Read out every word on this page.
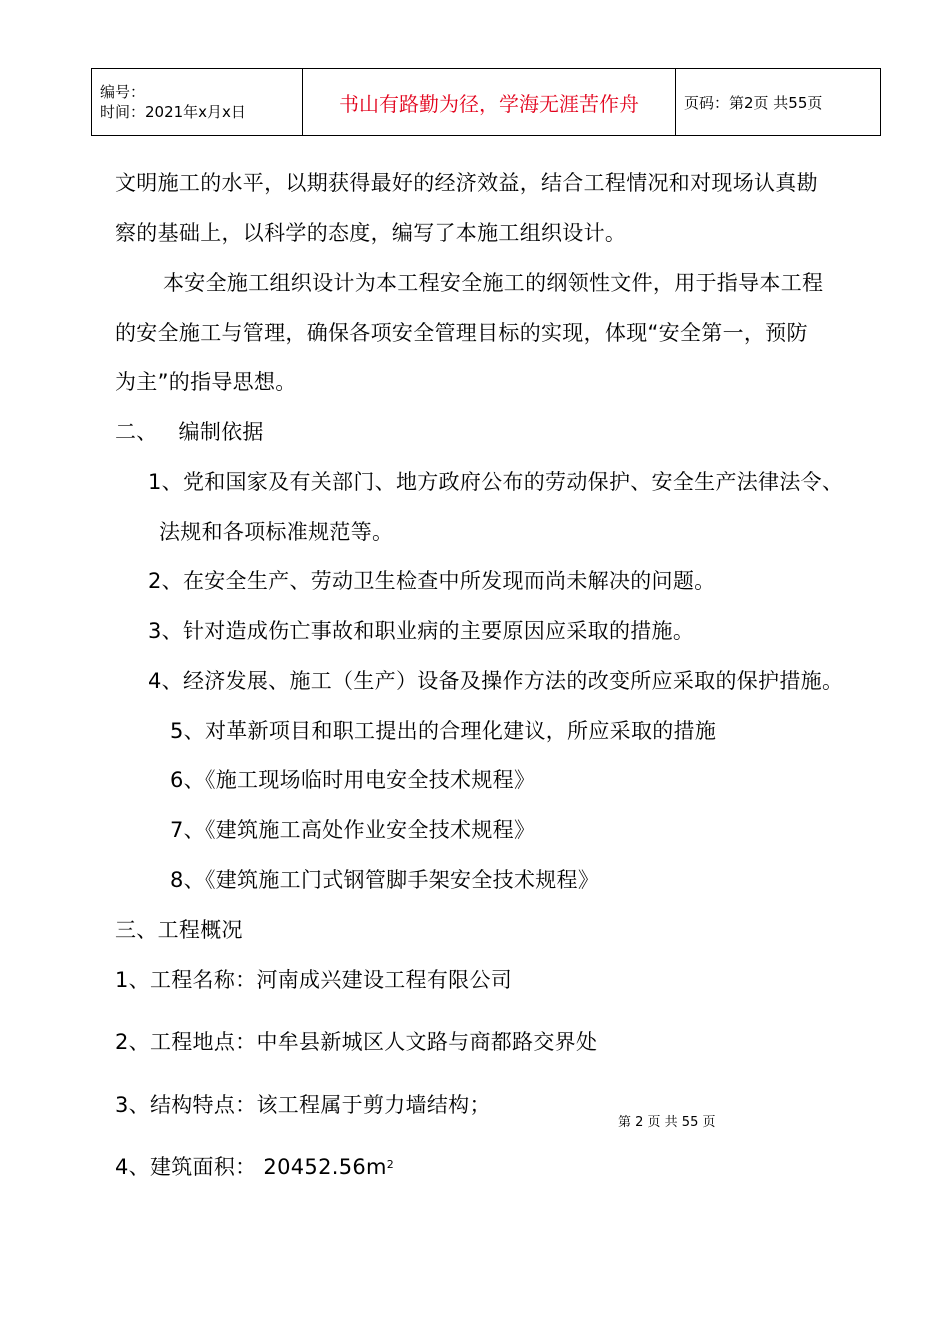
编号：
时间：2021年x月x日	书山有路勤为径，学海无涯苦作舟	页码：第2页 共55页
文明施工的水平，以期获得最好的经济效益，结合工程情况和对现场认真勘
察的基础上，以科学的态度，编写了本施工组织设计。
本安全施工组织设计为本工程安全施工的纲领性文件，用于指导本工程
的安全施工与管理，确保各项安全管理目标的实现，体现“安全第一，预防
为主”的指导思想。
二、   编制依据
1、党和国家及有关部门、地方政府公布的劳动保护、安全生产法律法令、
法规和各项标准规范等。
2、在安全生产、劳动卫生检查中所发现而尚未解决的问题。
3、针对造成伤亡事故和职业病的主要原因应采取的措施。
4、经济发展、施工（生产）设备及操作方法的改变所应采取的保护措施。
5、对革新项目和职工提出的合理化建议，所应采取的措施
6、《施工现场临时用电安全技术规程》
7、《建筑施工高处作业安全技术规程》
8、《建筑施工门式钢管脚手架安全技术规程》
三、工程概况
1、工程名称：河南成兴建设工程有限公司
2、工程地点：中牟县新城区人文路与商都路交界处
3、结构特点：该工程属于剪力墙结构；
第 2 页 共 55 页
4、建筑面积： $20452.56m^2$
